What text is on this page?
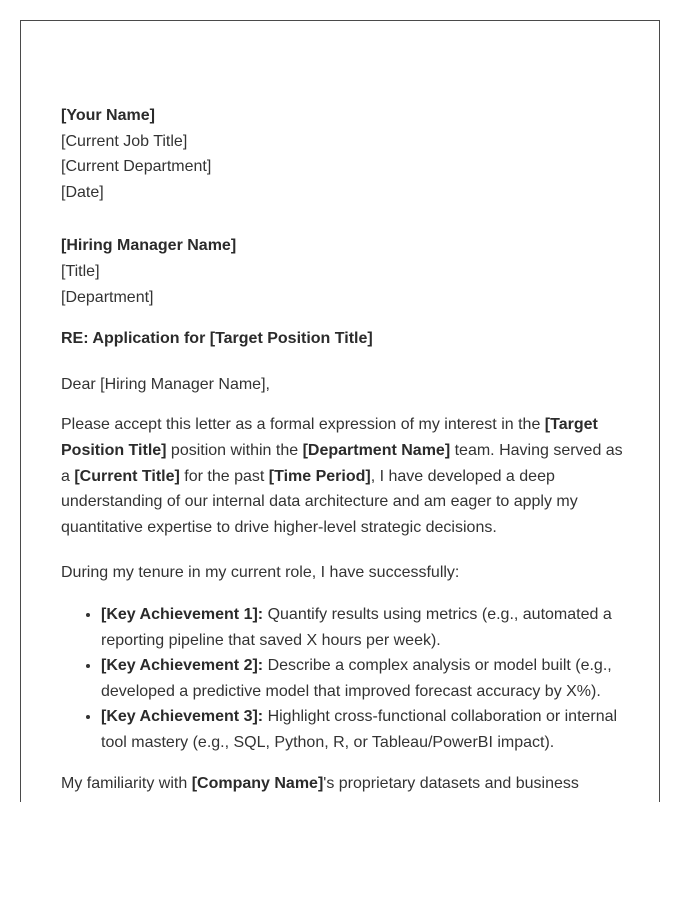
[Your Name]
[Current Job Title]
[Current Department]
[Date]
[Hiring Manager Name]
[Title]
[Department]
RE: Application for [Target Position Title]
Dear [Hiring Manager Name],

Please accept this letter as a formal expression of my interest in the [Target Position Title] position within the [Department Name] team. Having served as a [Current Title] for the past [Time Period], I have developed a deep understanding of our internal data architecture and am eager to apply my quantitative expertise to drive higher-level strategic decisions.

During my tenure in my current role, I have successfully:

• [Key Achievement 1]: Quantify results using metrics (e.g., automated a reporting pipeline that saved X hours per week).
• [Key Achievement 2]: Describe a complex analysis or model built (e.g., developed a predictive model that improved forecast accuracy by X%).
• [Key Achievement 3]: Highlight cross-functional collaboration or internal tool mastery (e.g., SQL, Python, R, or Tableau/PowerBI impact).

My familiarity with [Company Name]'s proprietary datasets and business
